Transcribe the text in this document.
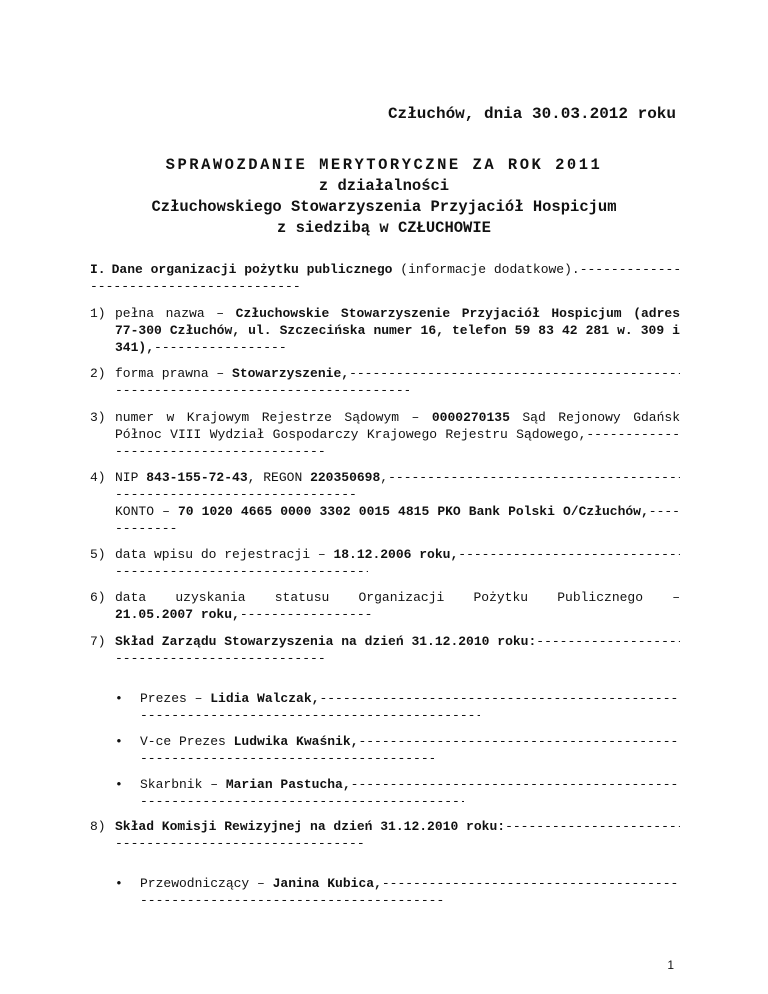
Człuchów, dnia 30.03.2012 roku
SPRAWOZDANIE MERYTORYCZNE ZA ROK 2011
z działalności
Człuchowskiego Stowarzyszenia Przyjaciół Hospicjum
z siedzibą w CZŁUCHOWIE
I. Dane organizacji pożytku publicznego (informacje dodatkowe). -----
-----
1) pełna nazwa – Człuchowskie Stowarzyszenie Przyjaciół Hospicjum (adres 77-300 Człuchów, ul. Szczecińska numer 16, telefon 59 83 42 281 w. 309 i 341),-----------------
2) forma prawna – Stowarzyszenie, -----
-----
3) numer w Krajowym Rejestrze Sądowym – 0000270135 Sąd Rejonowy Gdańsk Północ VIII Wydział Gospodarczy Krajowego Rejestru Sądowego,---------------------------------------
4) NIP 843-155-72-43, REGON 220350698, -----
-----
KONTO – 70 1020 4665 0000 3302 0015 4815 PKO Bank Polski O/Człuchów,------------
5) data wpisu do rejestracji – 18.12.2006 roku, -----
-----
6) data uzyskania statusu Organizacji Pożytku Publicznego –
21.05.2007 roku,-----------------
7) Skład Zarządu Stowarzyszenia na dzień 31.12.2010 roku: -----
-----
• Prezes – Lidia Walczak, -----
-----
• V-ce Prezes Ludwika Kwaśnik, -----
-----
• Skarbnik – Marian Pastucha, -----
-----
8) Skład Komisji Rewizyjnej na dzień 31.12.2010 roku: -----
-----
• Przewodniczący – Janina Kubica, -----
-----
1
